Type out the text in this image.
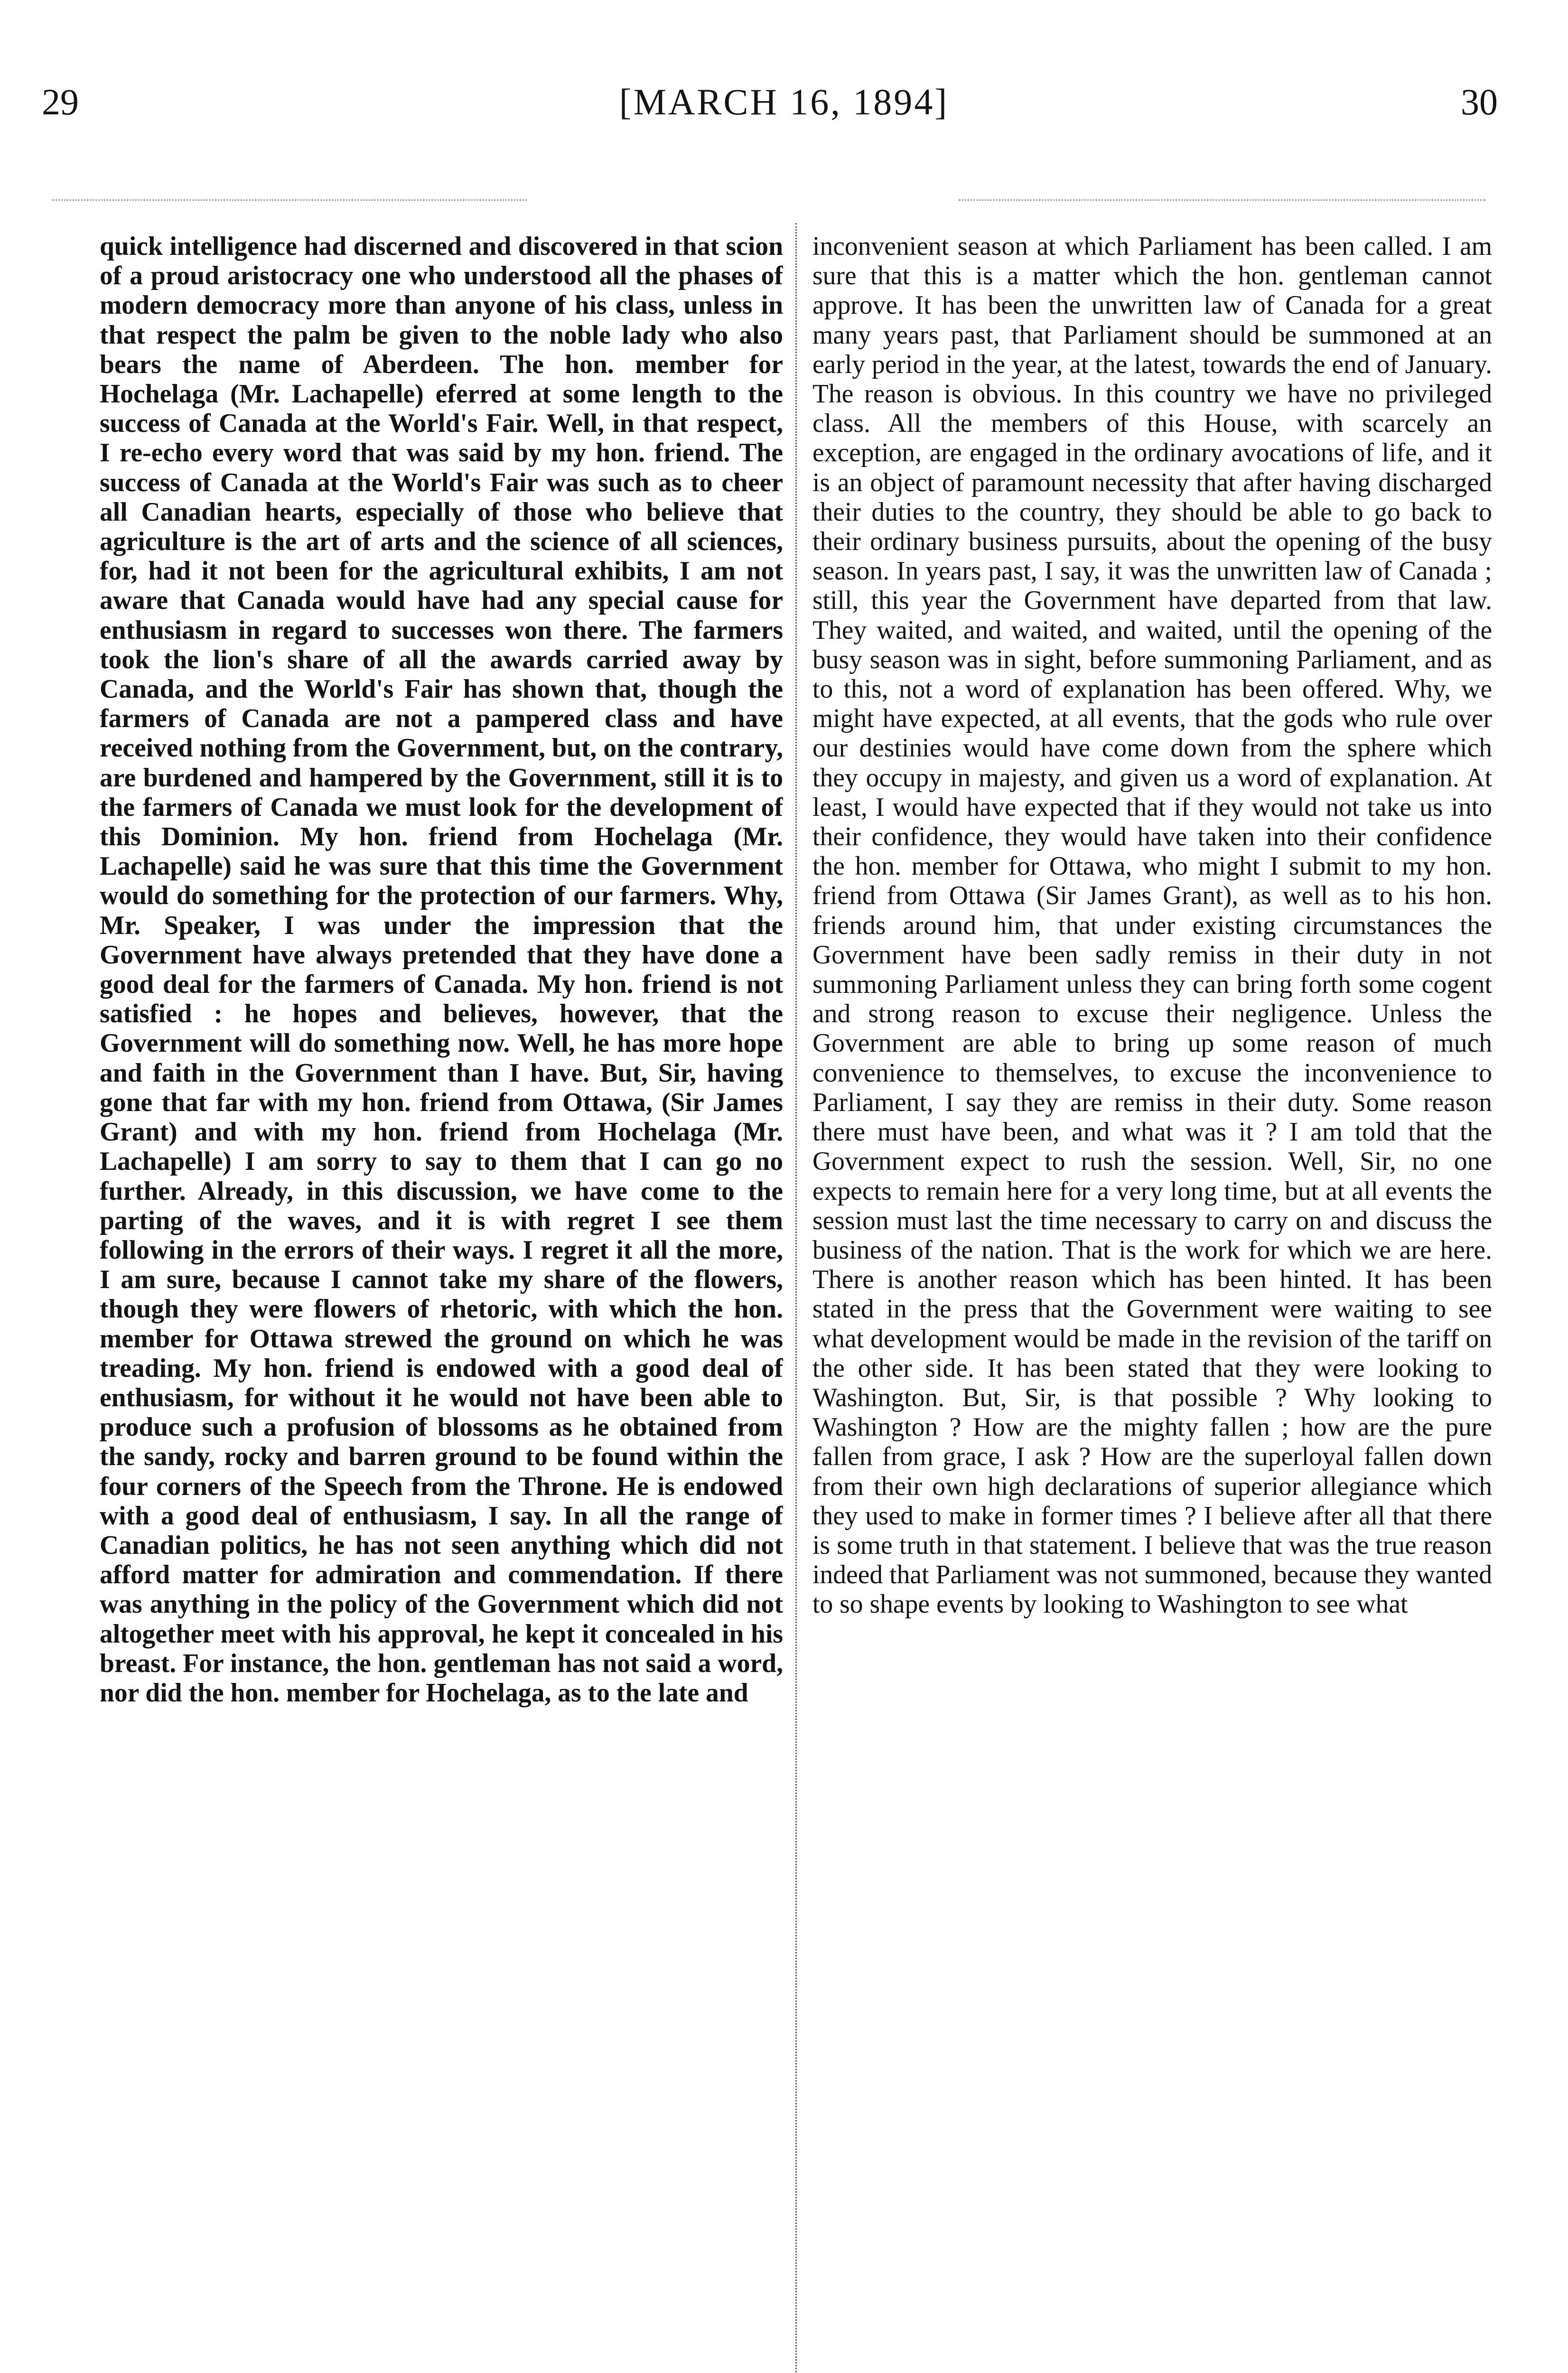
29	[MARCH 16, 1894]	30
quick intelligence had discerned and discovered in that scion of a proud aristocracy one who understood all the phases of modern democracy more than anyone of his class, unless in that respect the palm be given to the noble lady who also bears the name of Aberdeen. The hon. member for Hochelaga (Mr. Lachapelle) eferred at some length to the success of Canada at the World's Fair. Well, in that respect, I re-echo every word that was said by my hon. friend. The success of Canada at the World's Fair was such as to cheer all Canadian hearts, especially of those who believe that agriculture is the art of arts and the science of all sciences, for, had it not been for the agricultural exhibits, I am not aware that Canada would have had any special cause for enthusiasm in regard to successes won there. The farmers took the lion's share of all the awards carried away by Canada, and the World's Fair has shown that, though the farmers of Canada are not a pampered class and have received nothing from the Government, but, on the contrary, are burdened and hampered by the Government, still it is to the farmers of Canada we must look for the development of this Dominion. My hon. friend from Hochelaga (Mr. Lachapelle) said he was sure that this time the Government would do something for the protection of our farmers. Why, Mr. Speaker, I was under the impression that the Government have always pretended that they have done a good deal for the farmers of Canada. My hon. friend is not satisfied : he hopes and believes, however, that the Government will do something now. Well, he has more hope and faith in the Government than I have. But, Sir, having gone that far with my hon. friend from Ottawa, (Sir James Grant) and with my hon. friend from Hochelaga (Mr. Lachapelle) I am sorry to say to them that I can go no further. Already, in this discussion, we have come to the parting of the waves, and it is with regret I see them following in the errors of their ways. I regret it all the more, I am sure, because I cannot take my share of the flowers, though they were flowers of rhetoric, with which the hon. member for Ottawa strewed the ground on which he was treading. My hon. friend is endowed with a good deal of enthusiasm, for without it he would not have been able to produce such a profusion of blossoms as he obtained from the sandy, rocky and barren ground to be found within the four corners of the Speech from the Throne. He is endowed with a good deal of enthusiasm, I say. In all the range of Canadian politics, he has not seen anything which did not afford matter for admiration and commendation. If there was anything in the policy of the Government which did not altogether meet with his approval, he kept it concealed in his breast. For instance, the hon. gentleman has not said a word, nor did the hon. member for Hochelaga, as to the late and
inconvenient season at which Parliament has been called. I am sure that this is a matter which the hon. gentleman cannot approve. It has been the unwritten law of Canada for a great many years past, that Parliament should be summoned at an early period in the year, at the latest, towards the end of January. The reason is obvious. In this country we have no privileged class. All the members of this House, with scarcely an exception, are engaged in the ordinary avocations of life, and it is an object of paramount necessity that after having discharged their duties to the country, they should be able to go back to their ordinary business pursuits, about the opening of the busy season. In years past, I say, it was the unwritten law of Canada ; still, this year the Government have departed from that law. They waited, and waited, and waited, until the opening of the busy season was in sight, before summoning Parliament, and as to this, not a word of explanation has been offered. Why, we might have expected, at all events, that the gods who rule over our destinies would have come down from the sphere which they occupy in majesty, and given us a word of explanation. At least, I would have expected that if they would not take us into their confidence, they would have taken into their confidence the hon. member for Ottawa, who might I submit to my hon. friend from Ottawa (Sir James Grant), as well as to his hon. friends around him, that under existing circumstances the Government have been sadly remiss in their duty in not summoning Parliament unless they can bring forth some cogent and strong reason to excuse their negligence. Unless the Government are able to bring up some reason of much convenience to themselves, to excuse the inconvenience to Parliament, I say they are remiss in their duty. Some reason there must have been, and what was it ? I am told that the Government expect to rush the session. Well, Sir, no one expects to remain here for a very long time, but at all events the session must last the time necessary to carry on and discuss the business of the nation. That is the work for which we are here. There is another reason which has been hinted. It has been stated in the press that the Government were waiting to see what development would be made in the revision of the tariff on the other side. It has been stated that they were looking to Washington. But, Sir, is that possible ? Why looking to Washington ? How are the mighty fallen ; how are the pure fallen from grace, I ask ? How are the superloyal fallen down from their own high declarations of superior allegiance which they used to make in former times ? I believe after all that there is some truth in that statement. I believe that was the true reason indeed that Parliament was not summoned, because they wanted to so shape events by looking to Washington to see what
